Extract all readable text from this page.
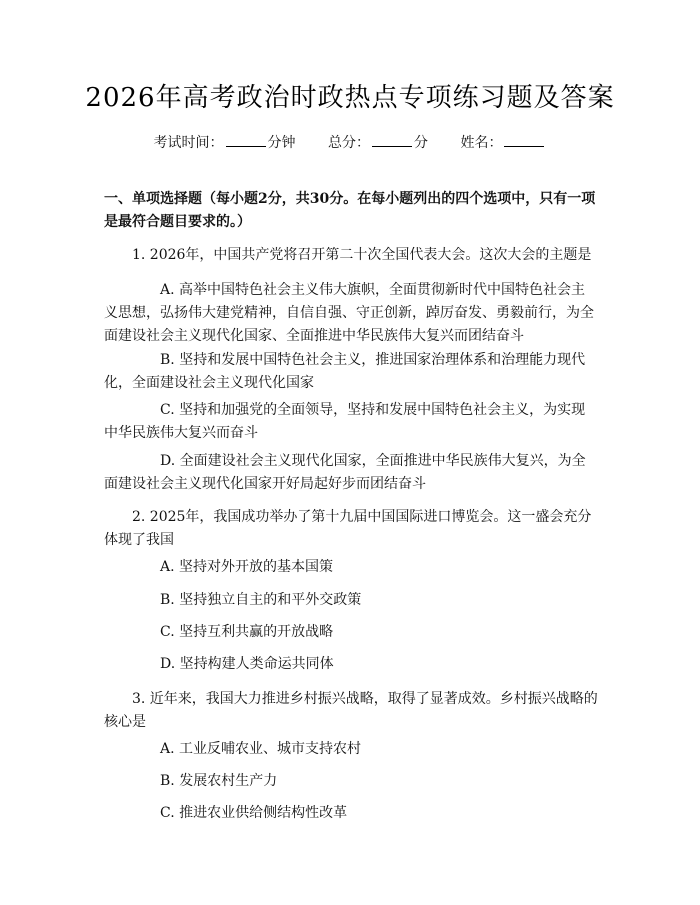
2026年高考政治时政热点专项练习题及答案
考试时间：	分钟 总分：	分 姓名：
一、单项选择题（每小题2分，共30分。在每小题列出的四个选项中，只有一项是最符合题目要求的。）
1. 2026年，中国共产党将召开第二十次全国代表大会。这次大会的主题是
A. 高举中国特色社会主义伟大旗帜，全面贯彻新时代中国特色社会主义思想，弘扬伟大建党精神，自信自强、守正创新，踔厉奋发、勇毅前行，为全面建设社会主义现代化国家、全面推进中华民族伟大复兴而团结奋斗
B. 坚持和发展中国特色社会主义，推进国家治理体系和治理能力现代化，全面建设社会主义现代化国家
C. 坚持和加强党的全面领导，坚持和发展中国特色社会主义，为实现中华民族伟大复兴而奋斗
D. 全面建设社会主义现代化国家，全面推进中华民族伟大复兴，为全面建设社会主义现代化国家开好局起好步而团结奋斗
2. 2025年，我国成功举办了第十九届中国国际进口博览会。这一盛会充分体现了我国
A. 坚持对外开放的基本国策
B. 坚持独立自主的和平外交政策
C. 坚持互利共赢的开放战略
D. 坚持构建人类命运共同体
3. 近年来，我国大力推进乡村振兴战略，取得了显著成效。乡村振兴战略的核心是
A. 工业反哺农业、城市支持农村
B. 发展农村生产力
C. 推进农业供给侧结构性改革
